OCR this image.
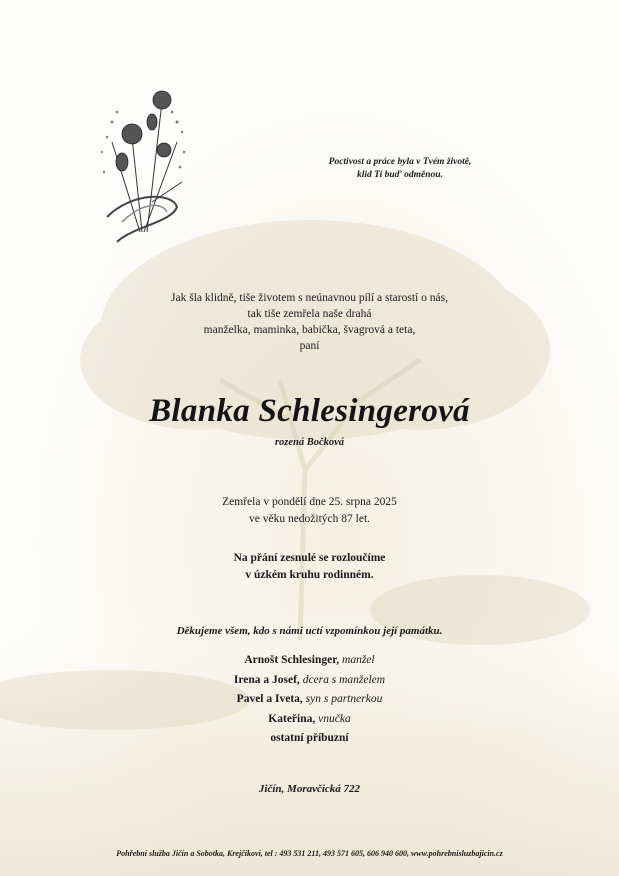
Poctivost a práce byla v Tvém životě,
klid Ti buď odměnou.
Jak šla klidně, tiše životem s neúnavnou pílí a starostí o nás,
tak tiše zemřela naše drahá
manželka, maminka, babička, švagrová a teta,
paní
Blanka Schlesingerová
rozená Bočková
Zemřela v pondělí dne 25. srpna 2025
ve věku nedožitých 87 let.
Na přání zesnulé se rozloučíme
v úzkém kruhu rodinném.
Děkujeme všem, kdo s námi uctí vzpomínkou její památku.
Arnošt Schlesinger, manžel
Irena a Josef, dcera s manželem
Pavel a Iveta, syn s partnerkou
Kateřina, vnučka
ostatní příbuzní
Jičín, Moravčická 722
Pohřební služba Jičín a Sobotka, Krejčíkovi, tel : 493 531 211, 493 571 605, 606 940 600, www.pohrebnisluzbajicin.cz
